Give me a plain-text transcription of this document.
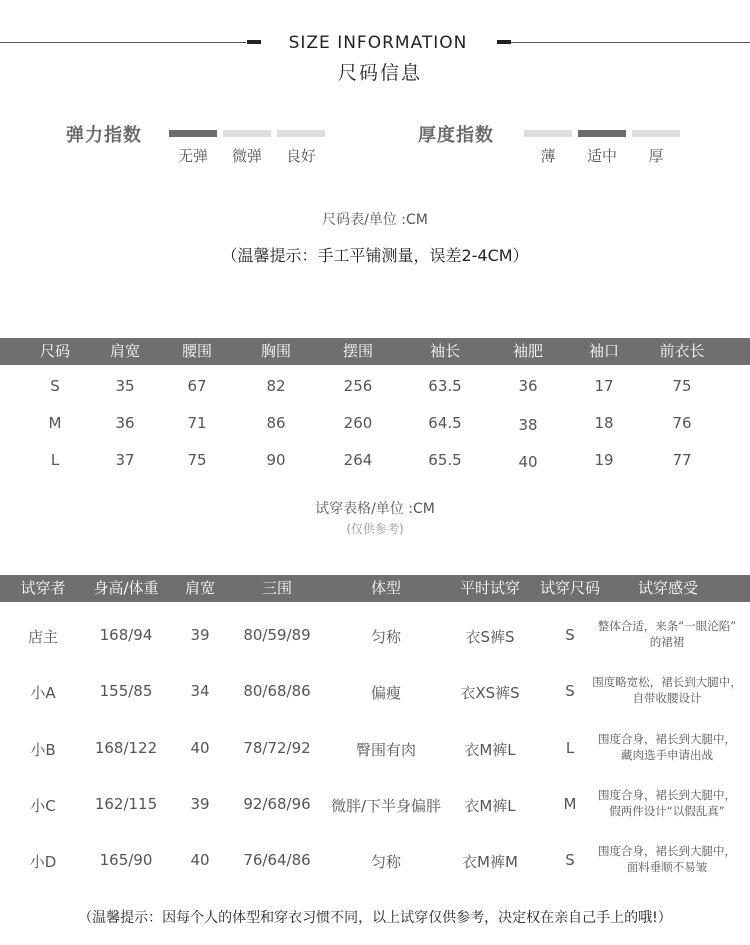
SIZE INFORMATION
尺码信息
弹力指数
无弹	微弹	良好
厚度指数
薄	适中	厚
尺码表/单位 :CM
（温馨提示：手工平铺测量，误差2-4CM）
尺码	肩宽	腰围	胸围	摆围	袖长	袖肥	袖口	前衣长
S	35	67	82	256	63.5	36	17	75
M	36	71	86	260	64.5	38	18	76
L	37	75	90	264	65.5	40	19	77
试穿表格/单位 :CM
(仅供参考)
试穿者	身高/体重	肩宽	三围	体型	平时试穿	试穿尺码	试穿感受
店主	168/94	39	80/59/89	匀称	衣S裤S	S	整体合适，来条“一眼沦陷”
的裙裙
小A	155/85	34	80/68/86	偏瘦	衣XS裤S	S	围度略宽松，裙长到大腿中，
自带收腰设计
小B	168/122	40	78/72/92	臀围有肉	衣M裤L	L	围度合身，裙长到大腿中，
藏肉选手申请出战
小C	162/115	39	92/68/96	微胖/下半身偏胖	衣M裤L	M	围度合身，裙长到大腿中，
假两件设计“以假乱真”
小D	165/90	40	76/64/86	匀称	衣M裤M	S	围度合身，裙长到大腿中，
面料垂顺不易皱
（温馨提示：因每个人的体型和穿衣习惯不同，以上试穿仅供参考，决定权在亲自己手上的哦!）
